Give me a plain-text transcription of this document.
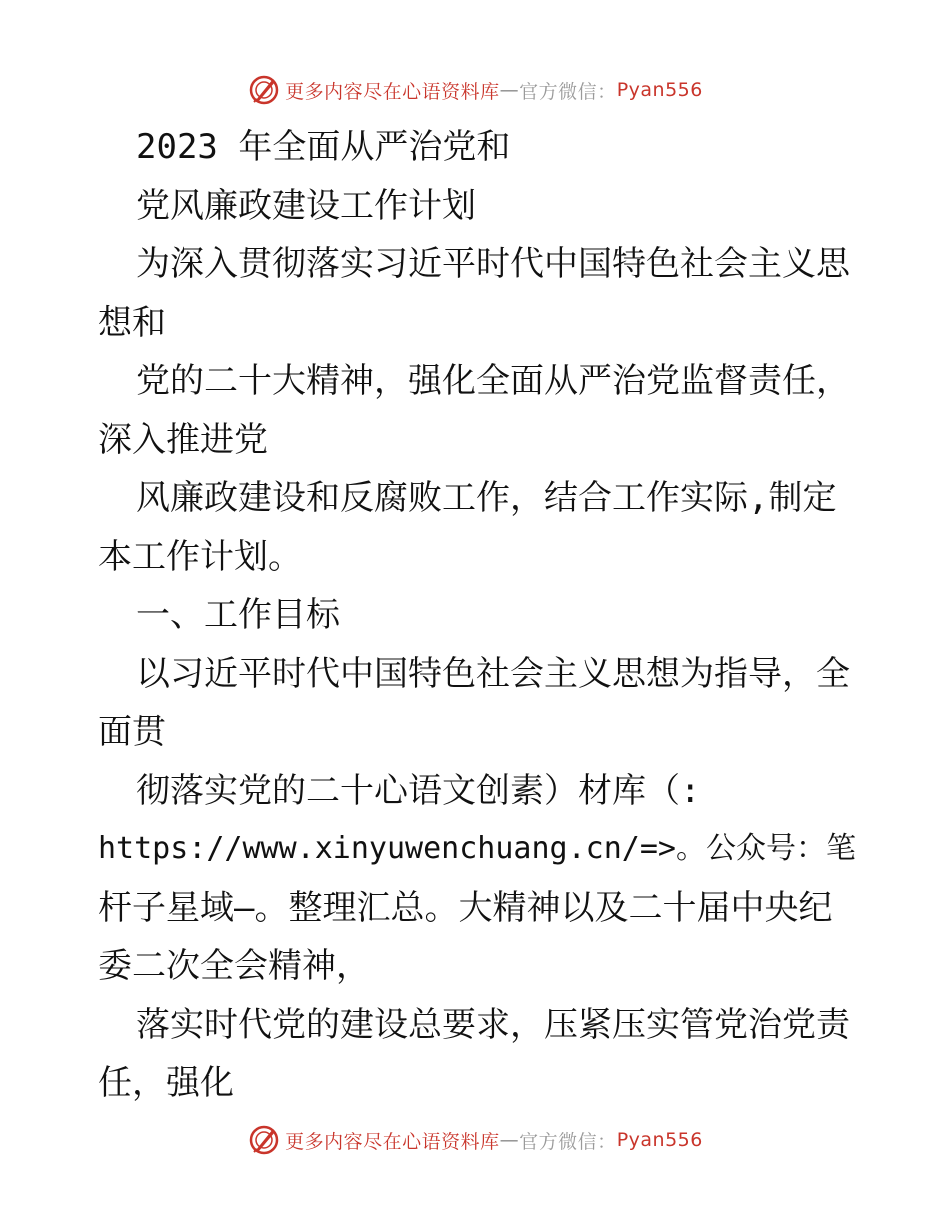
更多内容尽在心语资料库 — 官方微信： Pyan556
2023 年全面从严治党和
党风廉政建设工作计划
为深入贯彻落实习近平时代中国特色社会主义思
想和
党的二十大精神，强化全面从严治党监督责任，
深入推进党
风廉政建设和反腐败工作，结合工作实际,制定
本工作计划。
一、工作目标
以习近平时代中国特色社会主义思想为指导，全
面贯
彻落实党的二十心语文创素）材库（:
https://www.xinyuwenchuang.cn/=>。公众号：笔
杆子星域—。整理汇总。大精神以及二十届中央纪
委二次全会精神，
落实时代党的建设总要求，压紧压实管党治党责
任，强化
更多内容尽在心语资料库 — 官方微信： Pyan556
